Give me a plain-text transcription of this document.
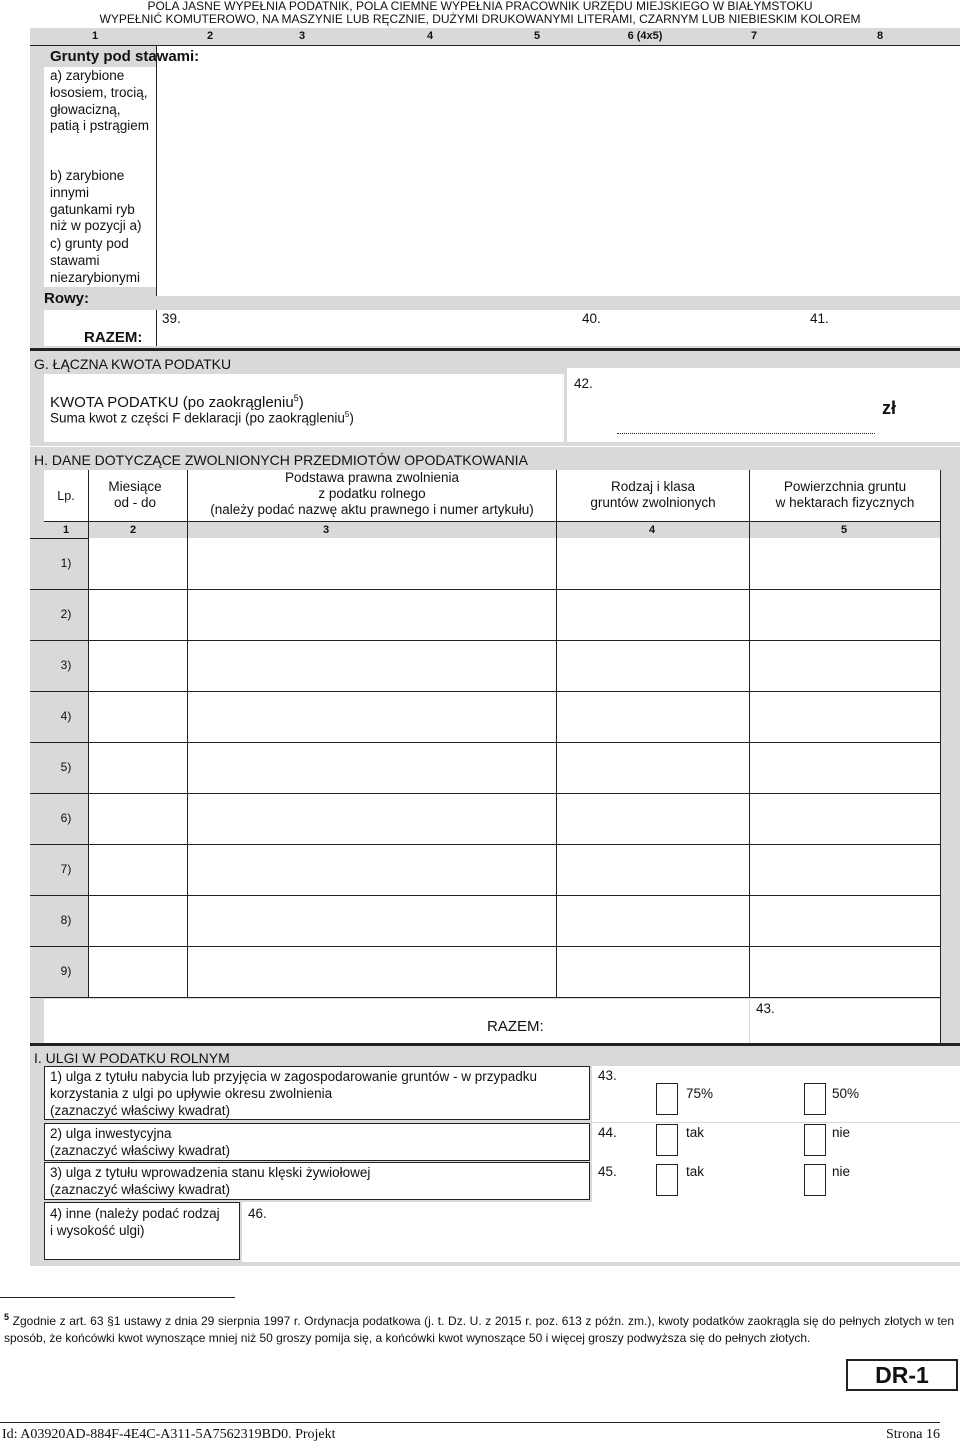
POLA JASNE WYPEŁNIA PODATNIK, POLA CIEMNE WYPEŁNIA PRACOWNIK URZĘDU MIEJSKIEGO W BIAŁYMSTOKU
WYPEŁNIĆ KOMUTEROWO, NA MASZYNIE LUB RĘCZNIE, DUŻYMI DRUKOWANYMI LITERAMI, CZARNYM LUB NIEBIESKIM KOLOREM
1	2	3	4	5	6 (4x5)	7	8
Grunty pod stawami:
a) zarybione łososiem, trocią, głowacizną, patią i pstrągiem
b) zarybione innymi gatunkami ryb niż w pozycji a)
c) grunty pod stawami niezarybionymi
Rowy:
RAZEM:
39.	40.	41.
G. ŁĄCZNA KWOTA PODATKU
KWOTA PODATKU (po zaokrągleniu$^5$)
Suma kwot z części F deklaracji (po zaokrągleniu$^5$)
42.
zł
H. DANE DOTYCZĄCE ZWOLNIONYCH PRZEDMIOTÓW OPODATKOWANIA
Lp.
Miesiące
od - do
Podstawa prawna zwolnienia
z podatku rolnego
(należy podać nazwę aktu prawnego i numer artykułu)
Rodzaj i klasa
gruntów zwolnionych
Powierzchnia gruntu
w hektarach fizycznych
1	2	3	4	5
1)
2)
3)
4)
5)
6)
7)
8)
9)
RAZEM:
43.
I. ULGI W PODATKU ROLNYM
1) ulga z tytułu nabycia lub przyjęcia w zagospodarowanie gruntów - w przypadku
korzystania z ulgi po upływie okresu zwolnienia
(zaznaczyć właściwy kwadrat)
43.
75%	50%
2) ulga inwestycyjna
(zaznaczyć właściwy kwadrat)
44.	tak	nie
3) ulga z tytułu wprowadzenia stanu klęski żywiołowej
(zaznaczyć właściwy kwadrat)
45.	tak	nie
4) inne (należy podać rodzaj
i wysokość ulgi)
46.
$^5$ Zgodnie z art. 63 §1 ustawy z dnia 29 sierpnia 1997 r. Ordynacja podatkowa (j. t. Dz. U. z 2015 r. poz. 613 z późn. zm.), kwoty podatków zaokrągla się do pełnych złotych w ten sposób, że końcówki kwot wynoszące mniej niż 50 groszy pomija się, a końcówki kwot wynoszące 50 i więcej groszy podwyższa się do pełnych złotych.
DR-1
Id: A03920AD-884F-4E4C-A311-5A7562319BD0. Projekt	Strona 16
